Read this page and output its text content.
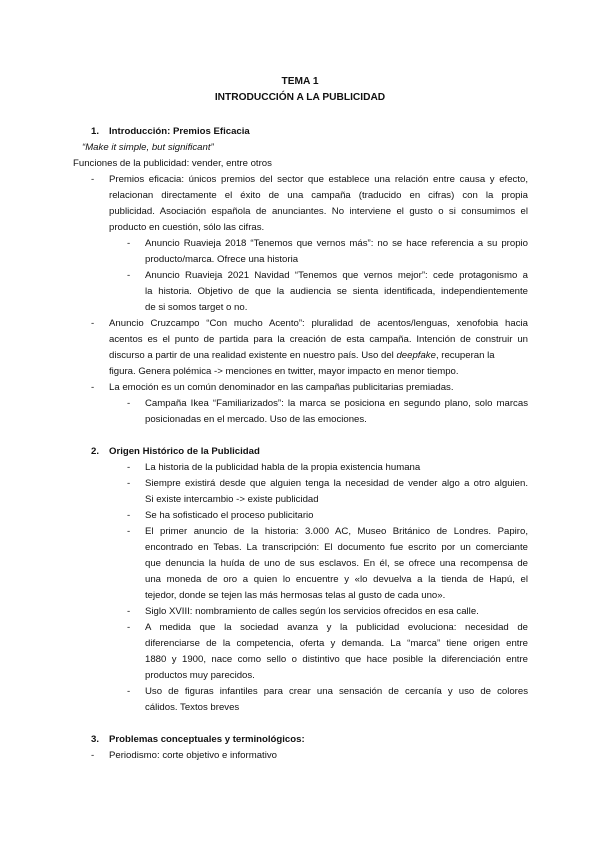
TEMA 1
INTRODUCCIÓN A LA PUBLICIDAD
1. Introducción: Premios Eficacia
“Make it simple, but significant”
Funciones de la publicidad: vender, entre otros
- Premios eficacia: únicos premios del sector que establece una relación entre causa y efecto,
relacionan directamente el éxito de una campaña (traducido en cifras) con la propia
publicidad. Asociación española de anunciantes. No interviene el gusto o si consumimos el
producto en cuestión, sólo las cifras.
- Anuncio Ruavieja 2018 “Tenemos que vernos más”: no se hace referencia a su propio
producto/marca. Ofrece una historia
- Anuncio Ruavieja 2021 Navidad “Tenemos que vernos mejor”: cede protagonismo a
la historia. Objetivo de que la audiencia se sienta identificada, independientemente
de si somos target o no.
- Anuncio Cruzcampo “Con mucho Acento”: pluralidad de acentos/lenguas, xenofobia hacia
acentos es el punto de partida para la creación de esta campaña. Intención de construir un
discurso a partir de una realidad existente en nuestro país. Uso del deepfake, recuperan la
figura. Genera polémica -> menciones en twitter, mayor impacto en menor tiempo.
- La emoción es un común denominador en las campañas publicitarias premiadas.
- Campaña Ikea “Familiarizados”: la marca se posiciona en segundo plano, solo marcas
posicionadas en el mercado. Uso de las emociones.
2. Origen Histórico de la Publicidad
- La historia de la publicidad habla de la propia existencia humana
- Siempre existirá desde que alguien tenga la necesidad de vender algo a otro alguien.
Si existe intercambio -> existe publicidad
- Se ha sofisticado el proceso publicitario
- El primer anuncio de la historia: 3.000 AC, Museo Británico de Londres. Papiro,
encontrado en Tebas. La transcripción: El documento fue escrito por un comerciante
que denuncia la huída de uno de sus esclavos. En él, se ofrece una recompensa de
una moneda de oro a quien lo encuentre y «lo devuelva a la tienda de Hapú, el
tejedor, donde se tejen las más hermosas telas al gusto de cada uno».
- Siglo XVIII: nombramiento de calles según los servicios ofrecidos en esa calle.
- A medida que la sociedad avanza y la publicidad evoluciona: necesidad de
diferenciarse de la competencia, oferta y demanda. La “marca” tiene origen entre
1880 y 1900, nace como sello o distintivo que hace posible la diferenciación entre
productos muy parecidos.
- Uso de figuras infantiles para crear una sensación de cercanía y uso de colores
cálidos. Textos breves
3. Problemas conceptuales y terminológicos:
- Periodismo: corte objetivo e informativo
